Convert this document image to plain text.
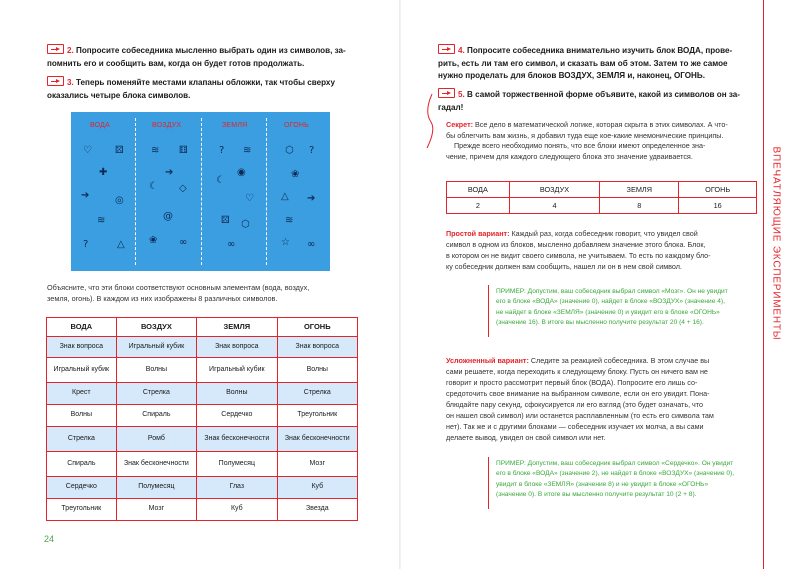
2. Попросите собеседника мысленно выбрать один из символов, за-
помнить его и сообщить вам, когда он будет готов продолжать.
3. Теперь поменяйте местами клапаны обложки, так чтобы сверху
оказались четыре блока символов.
ВОДА	ВОЗДУХ	ЗЕМЛЯ	ОГОНЬ
♡ ⚄
✚
➔	◎
≋
?	△
≋ ⚅
➔
☾ ◇
@
❀ ∞
? ≋
◉
☾
♡
⚄ ⬡
∞
⬡ ?
❀
△ ➔
≋
☆ ∞
Объясните, что эти блоки соответствуют основным элементам (вода, воздух,
земля, огонь). В каждом из них изображены 8 различных символов.
ВОДА	ВОЗДУХ	ЗЕМЛЯ	ОГОНЬ
Знак вопроса	Игральный кубик	Знак вопроса	Знак вопроса
Игральный кубик	Волны	Игральный кубик	Волны
Крест	Стрелка	Волны	Стрелка
Волны	Спираль	Сердечко	Треугольник
Стрелка	Ромб	Знак бесконечности	Знак бесконечности
Спираль	Знак бесконечности	Полумесяц	Мозг
Сердечко	Полумесяц	Глаз	Куб
Треугольник	Мозг	Куб	Звезда
24
4. Попросите собеседника внимательно изучить блок ВОДА, прове-
рить, есть ли там его символ, и сказать вам об этом. Затем то же самое
нужно проделать для блоков ВОЗДУХ, ЗЕМЛЯ и, наконец, ОГОНЬ.
5. В самой торжественной форме объявите, какой из символов он за-
гадал!
Секрет: Все дело в математической логике, которая скрыта в этих символах. А что-
бы облегчить вам жизнь, я добавил туда еще кое-какие мнемонические принципы.
Прежде всего необходимо понять, что все блоки имеют определенное зна-
чение, причем для каждого следующего блока это значение удваивается.
ВОДА	ВОЗДУХ	ЗЕМЛЯ	ОГОНЬ
2	4	8	16
Простой вариант: Каждый раз, когда собеседник говорит, что увидел свой
символ в одном из блоков, мысленно добавляем значение этого блока. Блок,
в котором он не видит своего символа, не учитываем. То есть по каждому бло-
ку собеседник должен вам сообщить, нашел ли он в нем свой символ.
ПРИМЕР: Допустим, ваш собеседник выбрал символ «Мозг». Он не увидит
его в блоке «ВОДА» (значение 0), найдет в блоке «ВОЗДУХ» (значение 4),
не найдет в блоке «ЗЕМЛЯ» (значение 0) и увидит его в блоке «ОГОНЬ»
(значение 16). В итоге вы мысленно получите результат 20 (4 + 16).
Усложненный вариант: Следите за реакцией собеседника. В этом случае вы
сами решаете, когда переходить к следующему блоку. Пусть он ничего вам не
говорит и просто рассмотрит первый блок (ВОДА). Попросите его лишь со-
средоточить свое внимание на выбранном символе, если он его увидит. Пона-
блюдайте пару секунд, сфокусируется ли его взгляд (это будет означать, что
он нашел свой символ) или останется расплавленным (то есть его символа там
нет). Так же и с другими блоками — собеседник изучает их молча, а вы сами
делаете вывод, увидел он свой символ или нет.
ПРИМЕР: Допустим, ваш собеседник выбрал символ «Сердечко». Он увидит
его в блоке «ВОДА» (значение 2), не найдет в блоке «ВОЗДУХ» (значение 0),
увидит в блоке «ЗЕМЛЯ» (значение 8) и не увидит в блоке «ОГОНЬ»
(значение 0). В итоге вы мысленно получите результат 10 (2 + 8).
ВПЕЧАТЛЯЮЩИЕ ЭКСПЕРИМЕНТЫ
